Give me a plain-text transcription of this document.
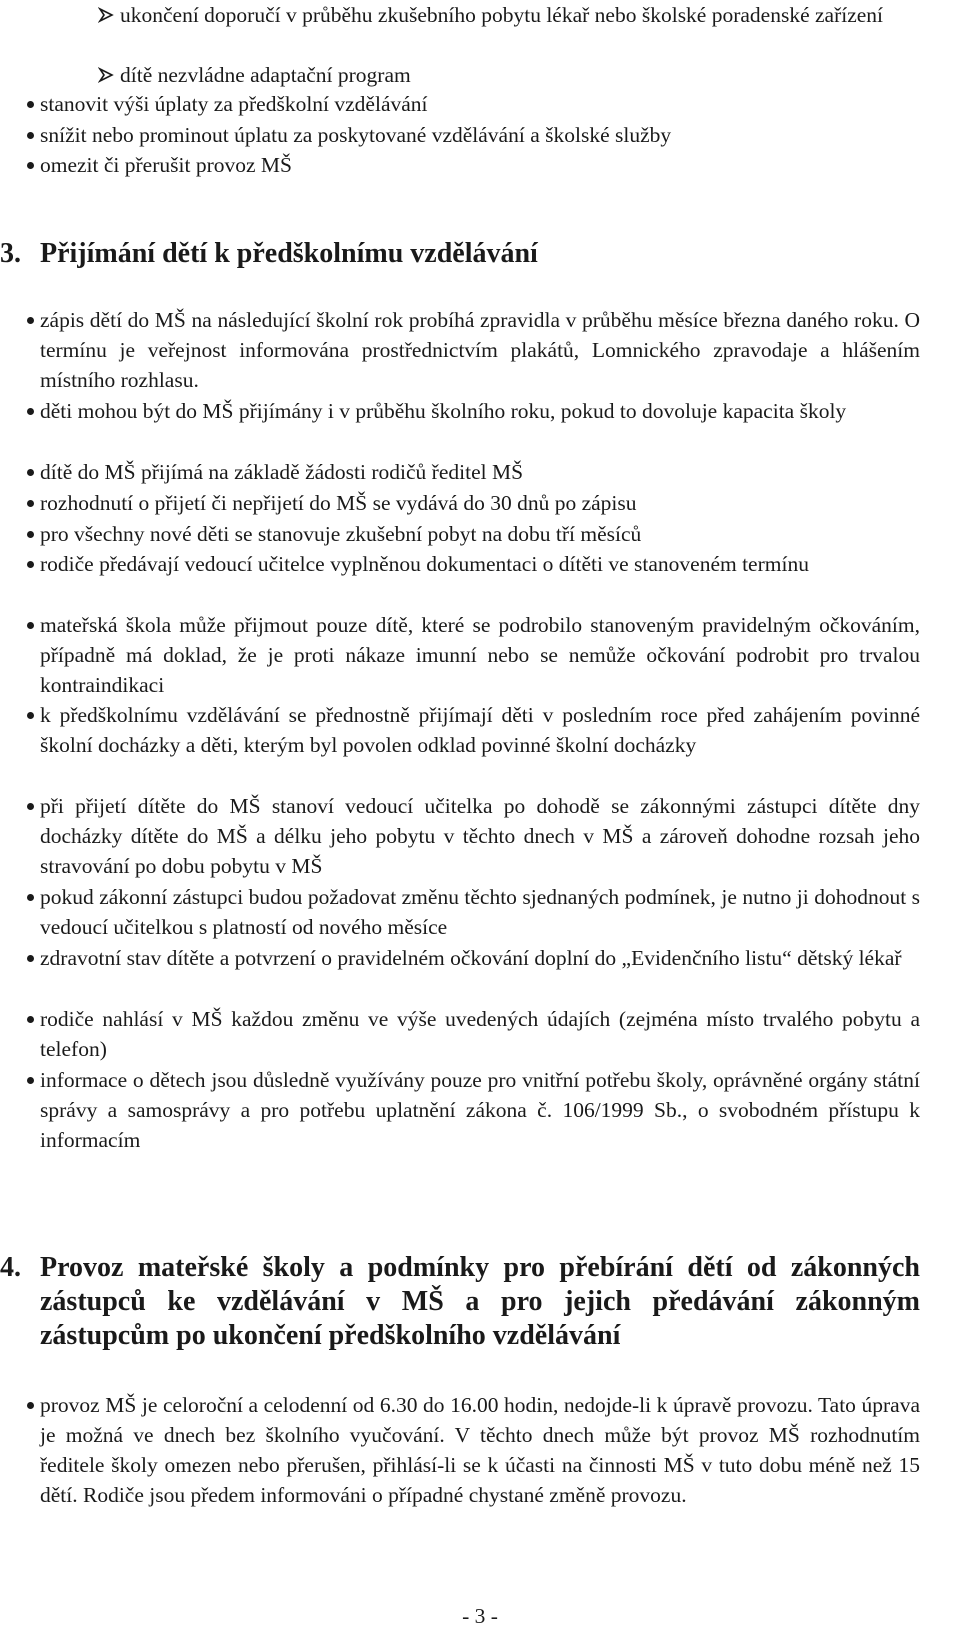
ukončení doporučí v průběhu zkušebního pobytu lékař nebo školské poradenské zařízení
dítě nezvládne adaptační program
stanovit výši úplaty za předškolní vzdělávání
snížit nebo prominout úplatu za poskytované vzdělávání a školské služby
omezit či přerušit provoz MŠ
3. Přijímání dětí k předškolnímu vzdělávání
zápis dětí do MŠ na následující školní rok probíhá zpravidla v průběhu měsíce března daného roku. O termínu je veřejnost informována prostřednictvím plakátů, Lomnického zpravodaje a hlášením místního rozhlasu.
děti mohou být do MŠ přijímány i v průběhu školního roku, pokud to dovoluje kapacita školy
dítě do MŠ přijímá na základě žádosti rodičů ředitel MŠ
rozhodnutí o přijetí či nepřijetí do MŠ se vydává do 30 dnů po zápisu
pro všechny nové děti se stanovuje zkušební pobyt na dobu tří měsíců
rodiče předávají vedoucí učitelce vyplněnou dokumentaci o dítěti ve stanoveném termínu
mateřská škola může přijmout pouze dítě, které se podrobilo stanoveným pravidelným očkováním, případně má doklad, že je proti nákaze imunní nebo se nemůže očkování podrobit pro trvalou kontraindikaci
k předškolnímu vzdělávání se přednostně přijímají děti v posledním roce před zahájením povinné školní docházky a děti, kterým byl povolen odklad povinné školní docházky
při přijetí dítěte do MŠ stanoví vedoucí učitelka po dohodě se zákonnými zástupci dítěte dny docházky dítěte do MŠ a délku jeho pobytu v těchto dnech v MŠ a zároveň dohodne rozsah jeho stravování po dobu pobytu v MŠ
pokud zákonní zástupci budou požadovat změnu těchto sjednaných podmínek, je nutno ji dohodnout s vedoucí učitelkou s platností od nového měsíce
zdravotní stav dítěte a potvrzení o pravidelném očkování doplní do „Evidenčního listu“ dětský lékař
rodiče nahlásí v MŠ každou změnu ve výše uvedených údajích (zejména místo trvalého pobytu a telefon)
informace o dětech jsou důsledně využívány pouze pro vnitřní potřebu školy, oprávněné orgány státní správy a samosprávy a pro potřebu uplatnění zákona č. 106/1999 Sb., o svobodném přístupu k informacím
4. Provoz mateřské školy a podmínky pro přebírání dětí od zákonných zástupců ke vzdělávání v MŠ a pro jejich předávání zákonným zástupcům po ukončení předškolního vzdělávání
provoz MŠ je celoroční a celodenní od 6.30 do 16.00 hodin, nedojde-li k úpravě provozu. Tato úprava je možná ve dnech bez školního vyučování. V těchto dnech může být provoz MŠ rozhodnutím ředitele školy omezen nebo přerušen, přihlásí-li se k účasti na činnosti MŠ v tuto dobu méně než 15 dětí. Rodiče jsou předem informováni o případné chystané změně provozu.
- 3 -
